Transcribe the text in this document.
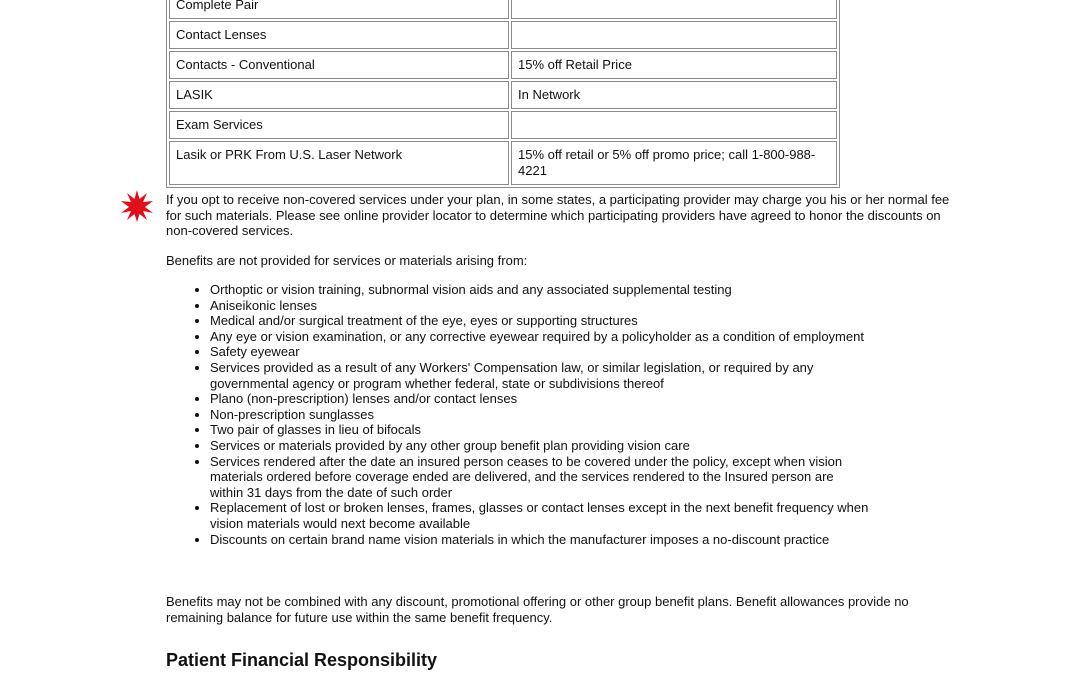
Complete Pair	
Contact Lenses	
Contacts - Conventional	15% off Retail Price
LASIK	In Network
Exam Services	
Lasik or PRK From U.S. Laser Network	15% off retail or 5% off promo price; call 1-800-988-4221
If you opt to receive non-covered services under your plan, in some states, a participating provider may charge you his or her normal fee for such materials. Please see online provider locator to determine which participating providers have agreed to honor the discounts on non-covered services.
Benefits are not provided for services or materials arising from:
• Orthoptic or vision training, subnormal vision aids and any associated supplemental testing
• Aniseikonic lenses
• Medical and/or surgical treatment of the eye, eyes or supporting structures
• Any eye or vision examination, or any corrective eyewear required by a policyholder as a condition of employment
• Safety eyewear
• Services provided as a result of any Workers' Compensation law, or similar legislation, or required by any governmental agency or program whether federal, state or subdivisions thereof
• Plano (non-prescription) lenses and/or contact lenses
• Non-prescription sunglasses
• Two pair of glasses in lieu of bifocals
• Services or materials provided by any other group benefit plan providing vision care
• Services rendered after the date an insured person ceases to be covered under the policy, except when vision materials ordered before coverage ended are delivered, and the services rendered to the Insured person are within 31 days from the date of such order
• Replacement of lost or broken lenses, frames, glasses or contact lenses except in the next benefit frequency when vision materials would next become available
• Discounts on certain brand name vision materials in which the manufacturer imposes a no-discount practice
Benefits may not be combined with any discount, promotional offering or other group benefit plans. Benefit allowances provide no remaining balance for future use within the same benefit frequency.
Patient Financial Responsibility
